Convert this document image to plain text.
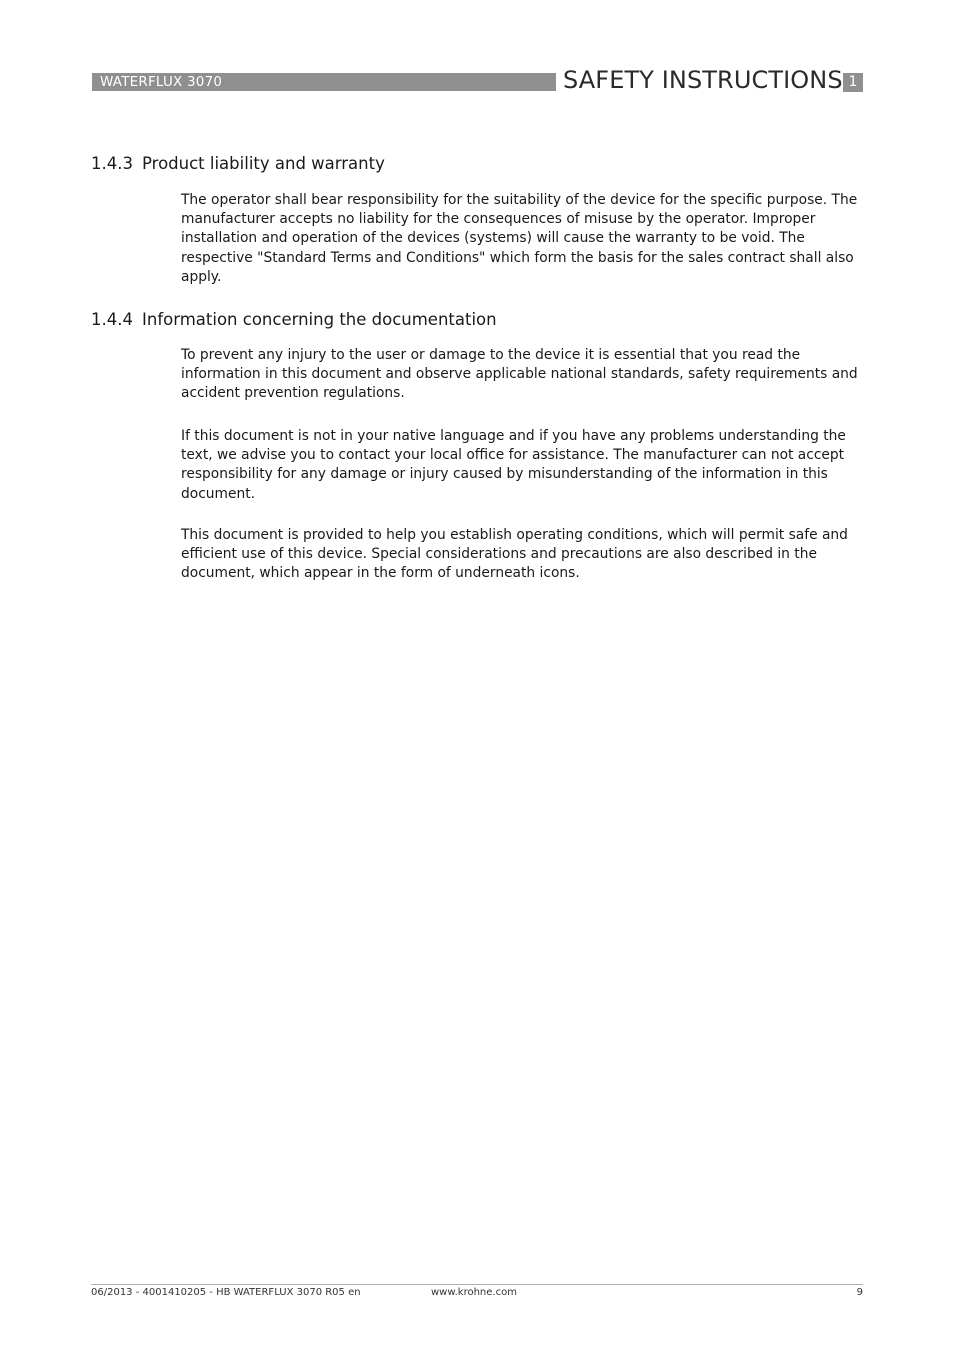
WATERFLUX 3070	SAFETY INSTRUCTIONS 1
1.4.3 Product liability and warranty

The operator shall bear responsibility for the suitability of the device for the specific purpose. The manufacturer accepts no liability for the consequences of misuse by the operator. Improper installation and operation of the devices (systems) will cause the warranty to be void. The respective "Standard Terms and Conditions" which form the basis for the sales contract shall also apply.

1.4.4 Information concerning the documentation

To prevent any injury to the user or damage to the device it is essential that you read the information in this document and observe applicable national standards, safety requirements and accident prevention regulations.

If this document is not in your native language and if you have any problems understanding the text, we advise you to contact your local office for assistance. The manufacturer can not accept responsibility for any damage or injury caused by misunderstanding of the information in this document.

This document is provided to help you establish operating conditions, which will permit safe and efficient use of this device. Special considerations and precautions are also described in the document, which appear in the form of underneath icons.

06/2013 - 4001410205 - HB WATERFLUX 3070 R05 en	www.krohne.com	9
